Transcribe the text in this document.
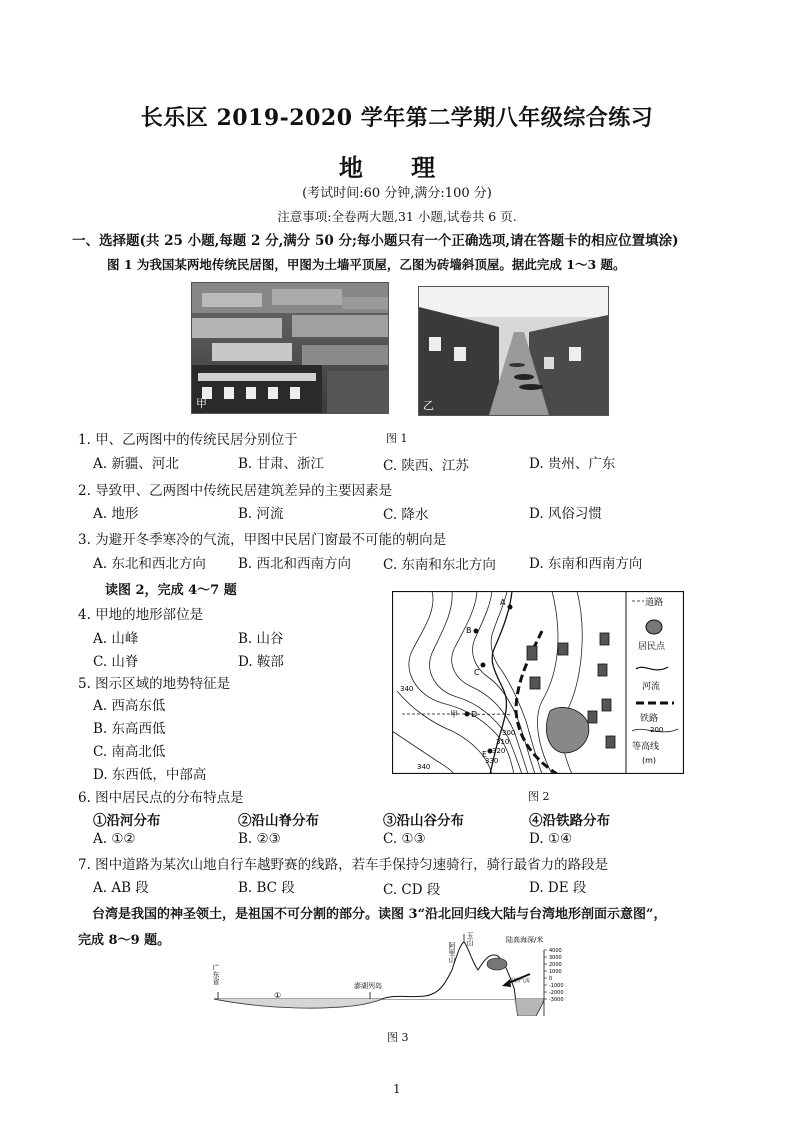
长乐区 2019-2020 学年第二学期八年级综合练习
地 理
(考试时间:60 分钟,满分:100 分)
注意事项:全卷两大题,31 小题,试卷共 6 页.
一、选择题(共 25 小题,每题 2 分,满分 50 分;每小题只有一个正确选项,请在答题卡的相应位置填涂)
图 1 为我国某两地传统民居图，甲图为土墙平顶屋，乙图为砖墙斜顶屋。据此完成 1～3 题。
甲	乙
图 1
1. 甲、乙两图中的传统民居分别位于
A. 新疆、河北	B. 甘肃、浙江	C. 陕西、江苏	D. 贵州、广东
2. 导致甲、乙两图中传统民居建筑差异的主要因素是
A. 地形	B. 河流	C. 降水	D. 风俗习惯
3. 为避开冬季寒冷的气流，甲图中民居门窗最不可能的朝向是
A. 东北和西北方向 B. 西北和西南方向 C. 东南和东北方向 D. 东南和西南方向
读图 2，完成 4～7 题
4. 甲地的地形部位是
A. 山峰	B. 山谷
C. 山脊	D. 鞍部
5. 图示区域的地势特征是
A. 西高东低
B. 东高西低
C. 南高北低
D. 东西低，中部高
A
B
C
D
E
甲
340
340
300
310
320
330
道路
居民点
河流
铁路
200
等高线
(m)
图 2
6. 图中居民点的分布特点是
①沿河分布	②沿山脊分布	③沿山谷分布	④沿铁路分布
A. ①②	B. ②③	C. ①③	D. ①④
7. 图中道路为某次山地自行车越野赛的线路，若车手保持匀速骑行，骑行最省力的路段是
A. AB 段	B. BC 段	C. CD 段	D. DE 段
台湾是我国的神圣领土，是祖国不可分割的部分。读图 3“沿北回归线大陆与台湾地形剖面示意图”，
完成 8～9 题。
湿润气流
陆高海深/米
4000
3000
2000
1000
0
-1000
-2000
-3000
广东省
①
澎湖列岛
阿里山
玉山
图 3
1
